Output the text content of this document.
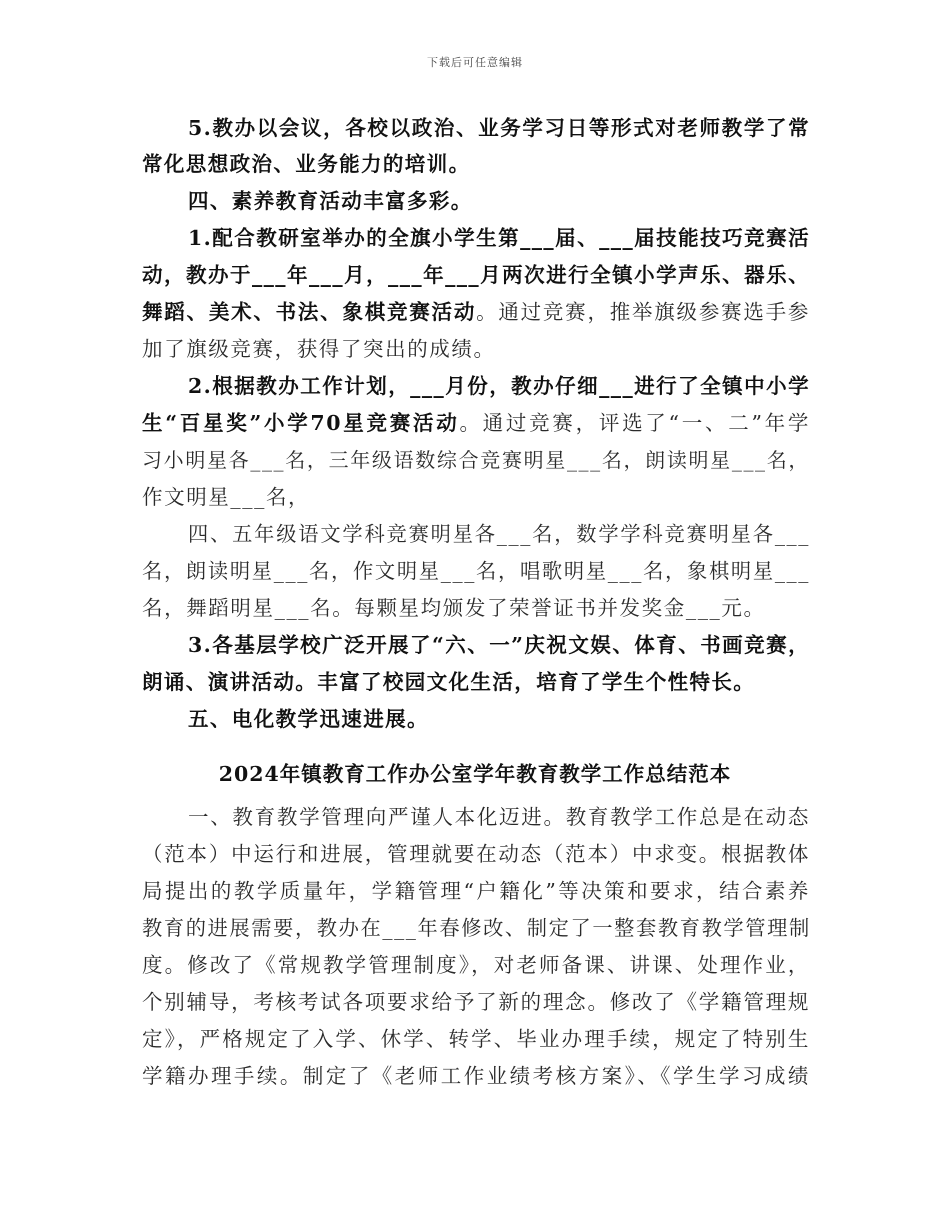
下载后可任意编辑

5.教办以会议，各校以政治、业务学习日等形式对老师教学了常

常化思想政治、业务能力的培训。

四、素养教育活动丰富多彩。

1.配合教研室举办的全旗小学生第___届、___届技能技巧竞赛活

动，教办于___年___月，___年___月两次进行全镇小学声乐、器乐、

舞蹈、美术、书法、象棋竞赛活动。通过竞赛，推举旗级参赛选手参

加了旗级竞赛，获得了突出的成绩。

2.根据教办工作计划，___月份，教办仔细___进行了全镇中小学

生“百星奖”小学70星竞赛活动。通过竞赛，评选了“一、二”年学

习小明星各___名，三年级语数综合竞赛明星___名，朗读明星___名，

作文明星___名，

四、五年级语文学科竞赛明星各___名，数学学科竞赛明星各___

名，朗读明星___名，作文明星___名，唱歌明星___名，象棋明星___

名，舞蹈明星___名。每颗星均颁发了荣誉证书并发奖金___元。

3.各基层学校广泛开展了“六、一”庆祝文娱、体育、书画竞赛，

朗诵、演讲活动。丰富了校园文化生活，培育了学生个性特长。

五、电化教学迅速进展。

2024年镇教育工作办公室学年教育教学工作总结范本

一、教育教学管理向严谨人本化迈进。教育教学工作总是在动态

（范本）中运行和进展，管理就要在动态（范本）中求变。根据教体

局提出的教学质量年，学籍管理“户籍化”等决策和要求，结合素养

教育的进展需要，教办在___年春修改、制定了一整套教育教学管理制

度。修改了《常规教学管理制度》，对老师备课、讲课、处理作业，

个别辅导，考核考试各项要求给予了新的理念。修改了《学籍管理规

定》，严格规定了入学、休学、转学、毕业办理手续，规定了特别生

学籍办理手续。制定了《老师工作业绩考核方案》、《学生学习成绩
